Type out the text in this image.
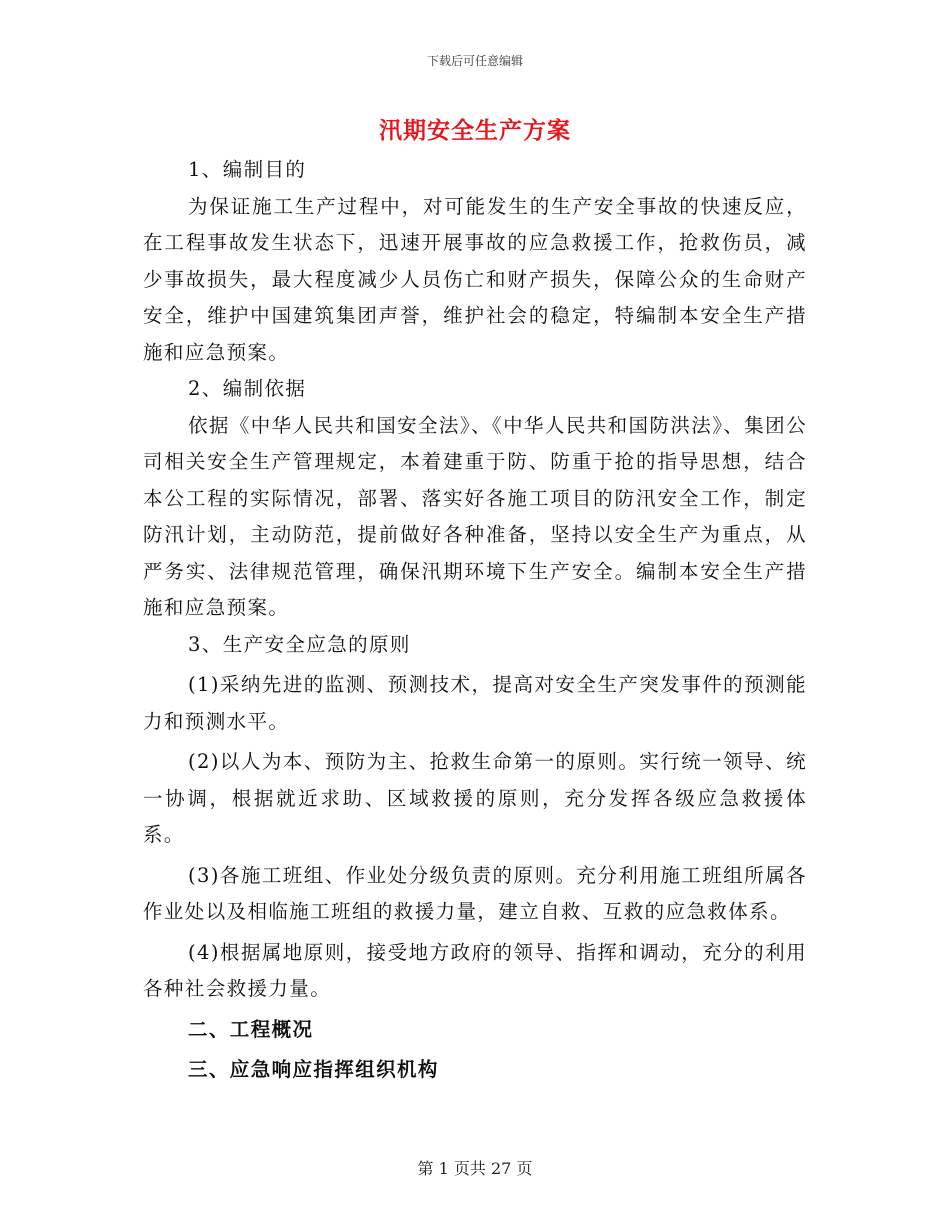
下载后可任意编辑
汛期安全生产方案

1、编制目的

为保证施工生产过程中，对可能发生的生产安全事故的快速反应，在工程事故发生状态下，迅速开展事故的应急救援工作，抢救伤员，减少事故损失，最大程度减少人员伤亡和财产损失，保障公众的生命财产安全，维护中国建筑集团声誉，维护社会的稳定，特编制本安全生产措施和应急预案。

2、编制依据

依据《中华人民共和国安全法》、《中华人民共和国防洪法》、集团公司相关安全生产管理规定，本着建重于防、防重于抢的指导思想，结合本公工程的实际情况，部署、落实好各施工项目的防汛安全工作，制定防汛计划，主动防范，提前做好各种准备，坚持以安全生产为重点，从严务实、法律规范管理，确保汛期环境下生产安全。编制本安全生产措施和应急预案。

3、生产安全应急的原则

(1)采纳先进的监测、预测技术，提高对安全生产突发事件的预测能力和预测水平。

(2)以人为本、预防为主、抢救生命第一的原则。实行统一领导、统一协调，根据就近求助、区域救援的原则，充分发挥各级应急救援体系。

(3)各施工班组、作业处分级负责的原则。充分利用施工班组所属各作业处以及相临施工班组的救援力量，建立自救、互救的应急救体系。

(4)根据属地原则，接受地方政府的领导、指挥和调动，充分的利用各种社会救援力量。

二、工程概况

三、应急响应指挥组织机构

第 1 页共 27 页
